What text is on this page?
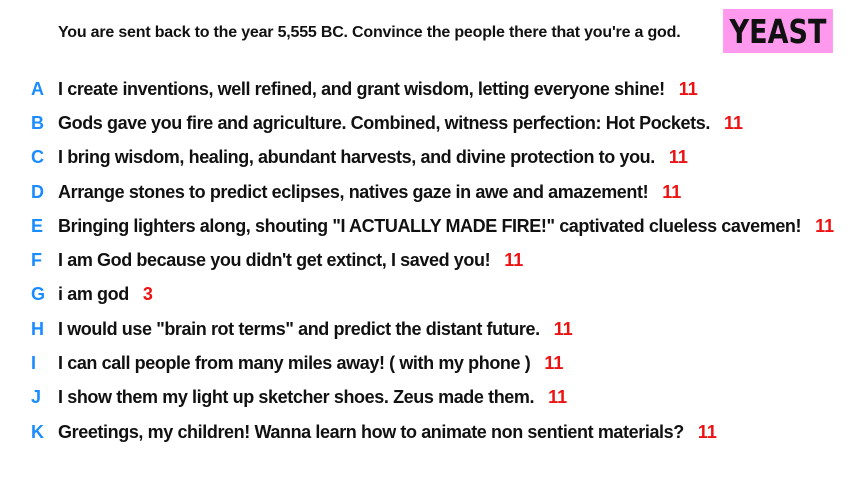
You are sent back to the year 5,555 BC. Convince the people there that you're a god.	YEAST
A I create inventions, well refined, and grant wisdom, letting everyone shine! 11
B Gods gave you fire and agriculture. Combined, witness perfection: Hot Pockets. 11
C I bring wisdom, healing, abundant harvests, and divine protection to you. 11
D Arrange stones to predict eclipses, natives gaze in awe and amazement! 11
E Bringing lighters along, shouting "I ACTUALLY MADE FIRE!" captivated clueless cavemen! 11
F I am God because you didn't get extinct, I saved you! 11
G i am god 3
H I would use "brain rot terms" and predict the distant future. 11
I	I can call people from many miles away! ( with my phone ) 11
J I show them my light up sketcher shoes. Zeus made them. 11
K Greetings, my children! Wanna learn how to animate non sentient materials? 11
